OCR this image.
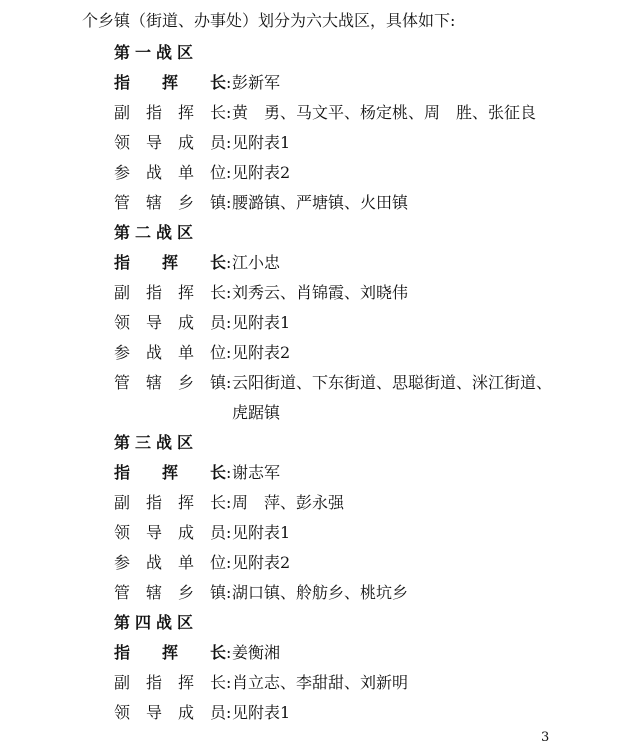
个乡镇（街道、办事处）划分为六大战区，具体如下:
第一战区
指挥长:彭新军
副指挥长:黄　勇、马文平、杨定桃、周　胜、张征良
领导成员:见附表1
参战单位:见附表2
管辖乡镇:腰潞镇、严塘镇、火田镇
第二战区
指挥长:江小忠
副指挥长:刘秀云、肖锦霞、刘晓伟
领导成员:见附表1
参战单位:见附表2
管辖乡镇:云阳街道、下东街道、思聪街道、洣江街道、
虎踞镇
第三战区
指挥长:谢志军
副指挥长:周　萍、彭永强
领导成员:见附表1
参战单位:见附表2
管辖乡镇:湖口镇、舲舫乡、桃坑乡
第四战区
指挥长:姜衡湘
副指挥长:肖立志、李甜甜、刘新明
领导成员:见附表1
3
